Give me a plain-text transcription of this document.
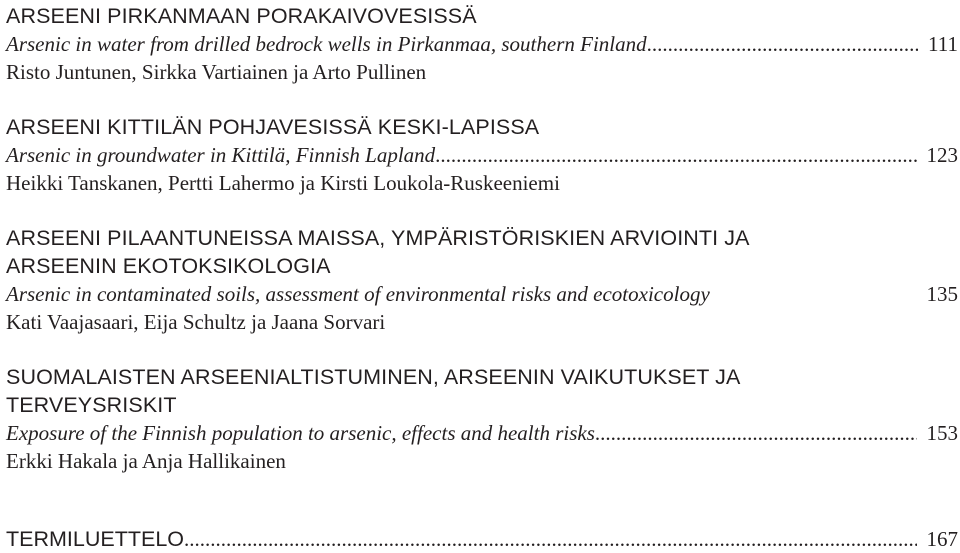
ARSEENI PIRKANMAAN PORAKAIVOVESISSÄ
Arsenic in water from drilled bedrock wells in Pirkanmaa, southern Finland .....	111
Risto Juntunen, Sirkka Vartiainen ja Arto Pullinen
ARSEENI KITTILÄN POHJAVESISSÄ KESKI-LAPISSA
Arsenic in groundwater in Kittilä, Finnish Lapland .....	123
Heikki Tanskanen, Pertti Lahermo ja Kirsti Loukola-Ruskeeniemi
ARSEENI PILAANTUNEISSA MAISSA, YMPÄRISTÖRISKIEN ARVIOINTI JA
ARSEENIN EKOTOKSIKOLOGIA
Arsenic in contaminated soils, assessment of environmental risks and ecotoxicology	135
Kati Vaajasaari, Eija Schultz ja Jaana Sorvari
SUOMALAISTEN ARSEENIALTISTUMINEN, ARSEENIN VAIKUTUKSET JA
TERVEYSRISKIT
Exposure of the Finnish population to arsenic, effects and health risks .....	153
Erkki Hakala ja Anja Hallikainen
TERMILUETTELO .....	167
